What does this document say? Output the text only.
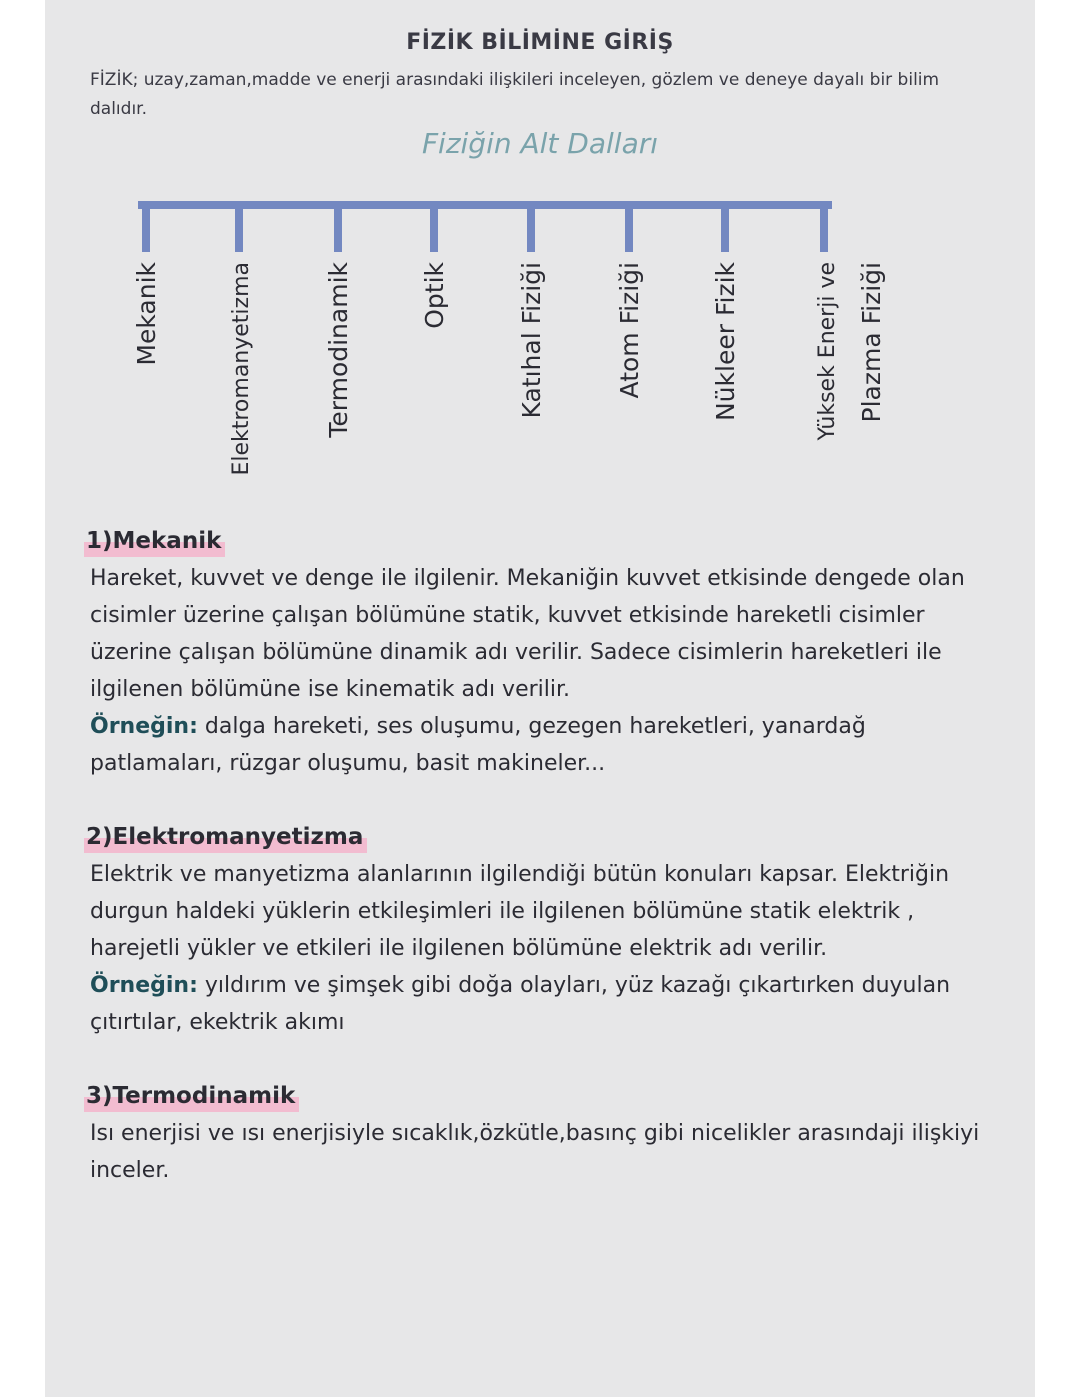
FİZİK BİLİMİNE GİRİŞ
FİZİK; uzay,zaman,madde ve enerji arasındaki ilişkileri inceleyen, gözlem ve deneye dayalı bir bilim dalıdır.
Fiziğin Alt Dalları
Mekanik	Elektromanyetizma	Termodinamik	Optik	Katıhal Fiziği	Atom Fiziği	Nükleer Fizik	Yüksek Enerji ve Plazma Fiziği
1)Mekanik

Hareket, kuvvet ve denge ile ilgilenir. Mekaniğin kuvvet etkisinde dengede olan cisimler üzerine çalışan bölümüne statik, kuvvet etkisinde hareketli cisimler üzerine çalışan bölümüne dinamik adı verilir. Sadece cisimlerin hareketleri ile ilgilenen bölümüne ise kinematik adı verilir.

Örneğin: dalga hareketi, ses oluşumu, gezegen hareketleri, yanardağ patlamaları, rüzgar oluşumu, basit makineler...

2)Elektromanyetizma

Elektrik ve manyetizma alanlarının ilgilendiği bütün konuları kapsar. Elektriğin durgun haldeki yüklerin etkileşimleri ile ilgilenen bölümüne statik elektrik , harejetli yükler ve etkileri ile ilgilenen bölümüne elektrik adı verilir.

Örneğin: yıldırım ve şimşek gibi doğa olayları, yüz kazağı çıkartırken duyulan çıtırtılar, ekektrik akımı

3)Termodinamik

Isı enerjisi ve ısı enerjisiyle sıcaklık,özkütle,basınç gibi nicelikler arasındaji ilişkiyi inceler.
